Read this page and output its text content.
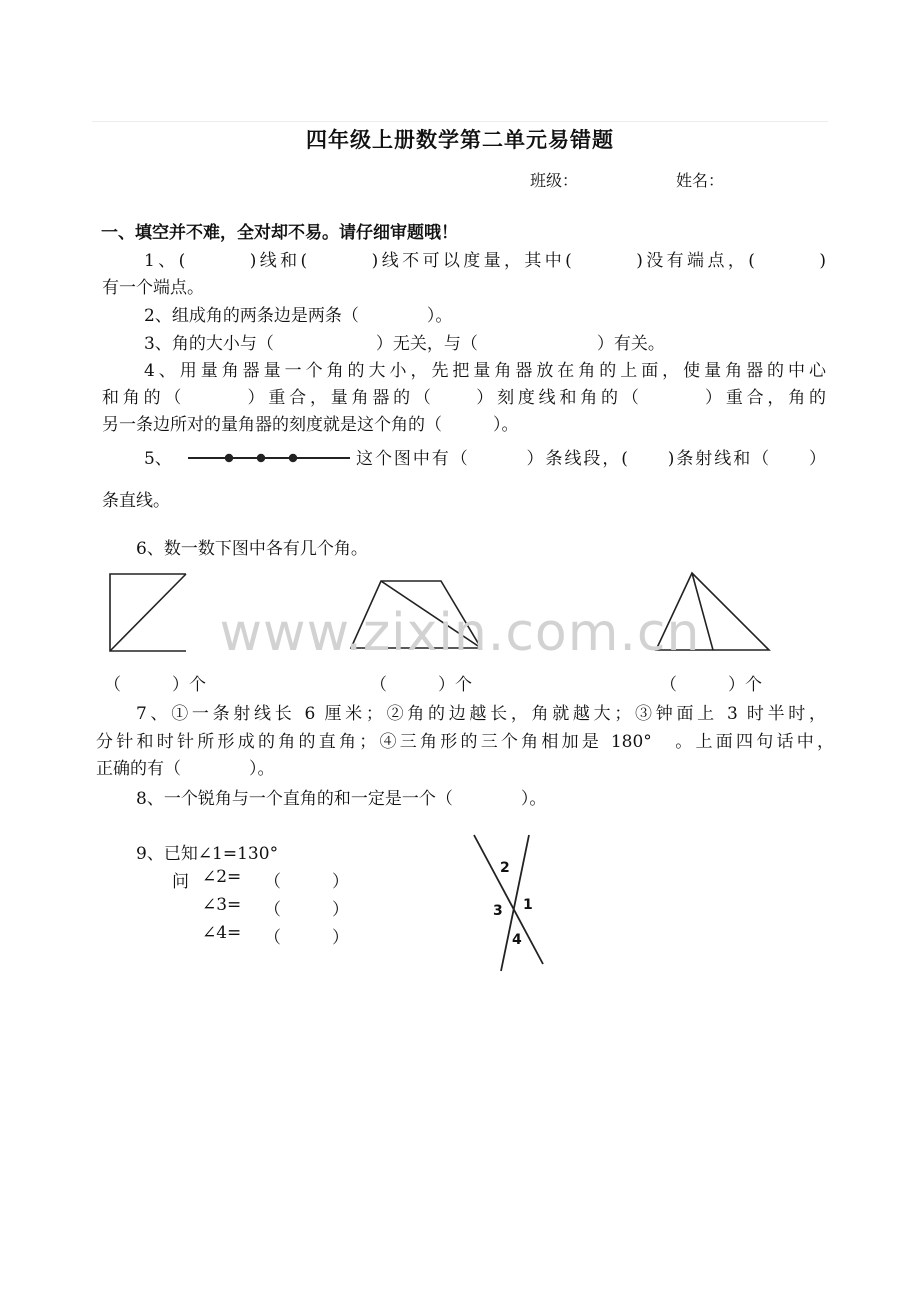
四年级上册数学第二单元易错题
班级：	姓名：
一、填空并不难，全对却不易。请仔细审题哦！
1、(　　　)线和(　　　)线不可以度量，其中(　　　)没有端点，(　　　)
有一个端点。
2、组成角的两条边是两条（　　　　）。
3、角的大小与（　　　　　　）无关，与（　　　　　　　）有关。
4、用量角器量一个角的大小，先把量角器放在角的上面，使量角器的中心
和角的（　　　）重合，量角器的（　　）刻度线和角的（　　　）重合，角的
另一条边所对的量角器的刻度就是这个角的（　　　）。
5、	这个图中有（　　　）条线段，(　　)条射线和（　　）
条直线。
6、数一数下图中各有几个角。
（　　　）个	（　　　）个	（　　　）个
7、①一条射线长 6 厘米；②角的边越长，角就越大；③钟面上 3 时半时，
分针和时针所形成的角的直角；④三角形的三个角相加是 180°　。上面四句话中，
正确的有（　　　　）。
8、一个锐角与一个直角的和一定是一个（　　　　）。
9、已知∠1=130°
问 ∠2= （　　　）
∠3= （　　　）
∠4= （　　　）
2
3 1
4
www.zixin.com.cn
